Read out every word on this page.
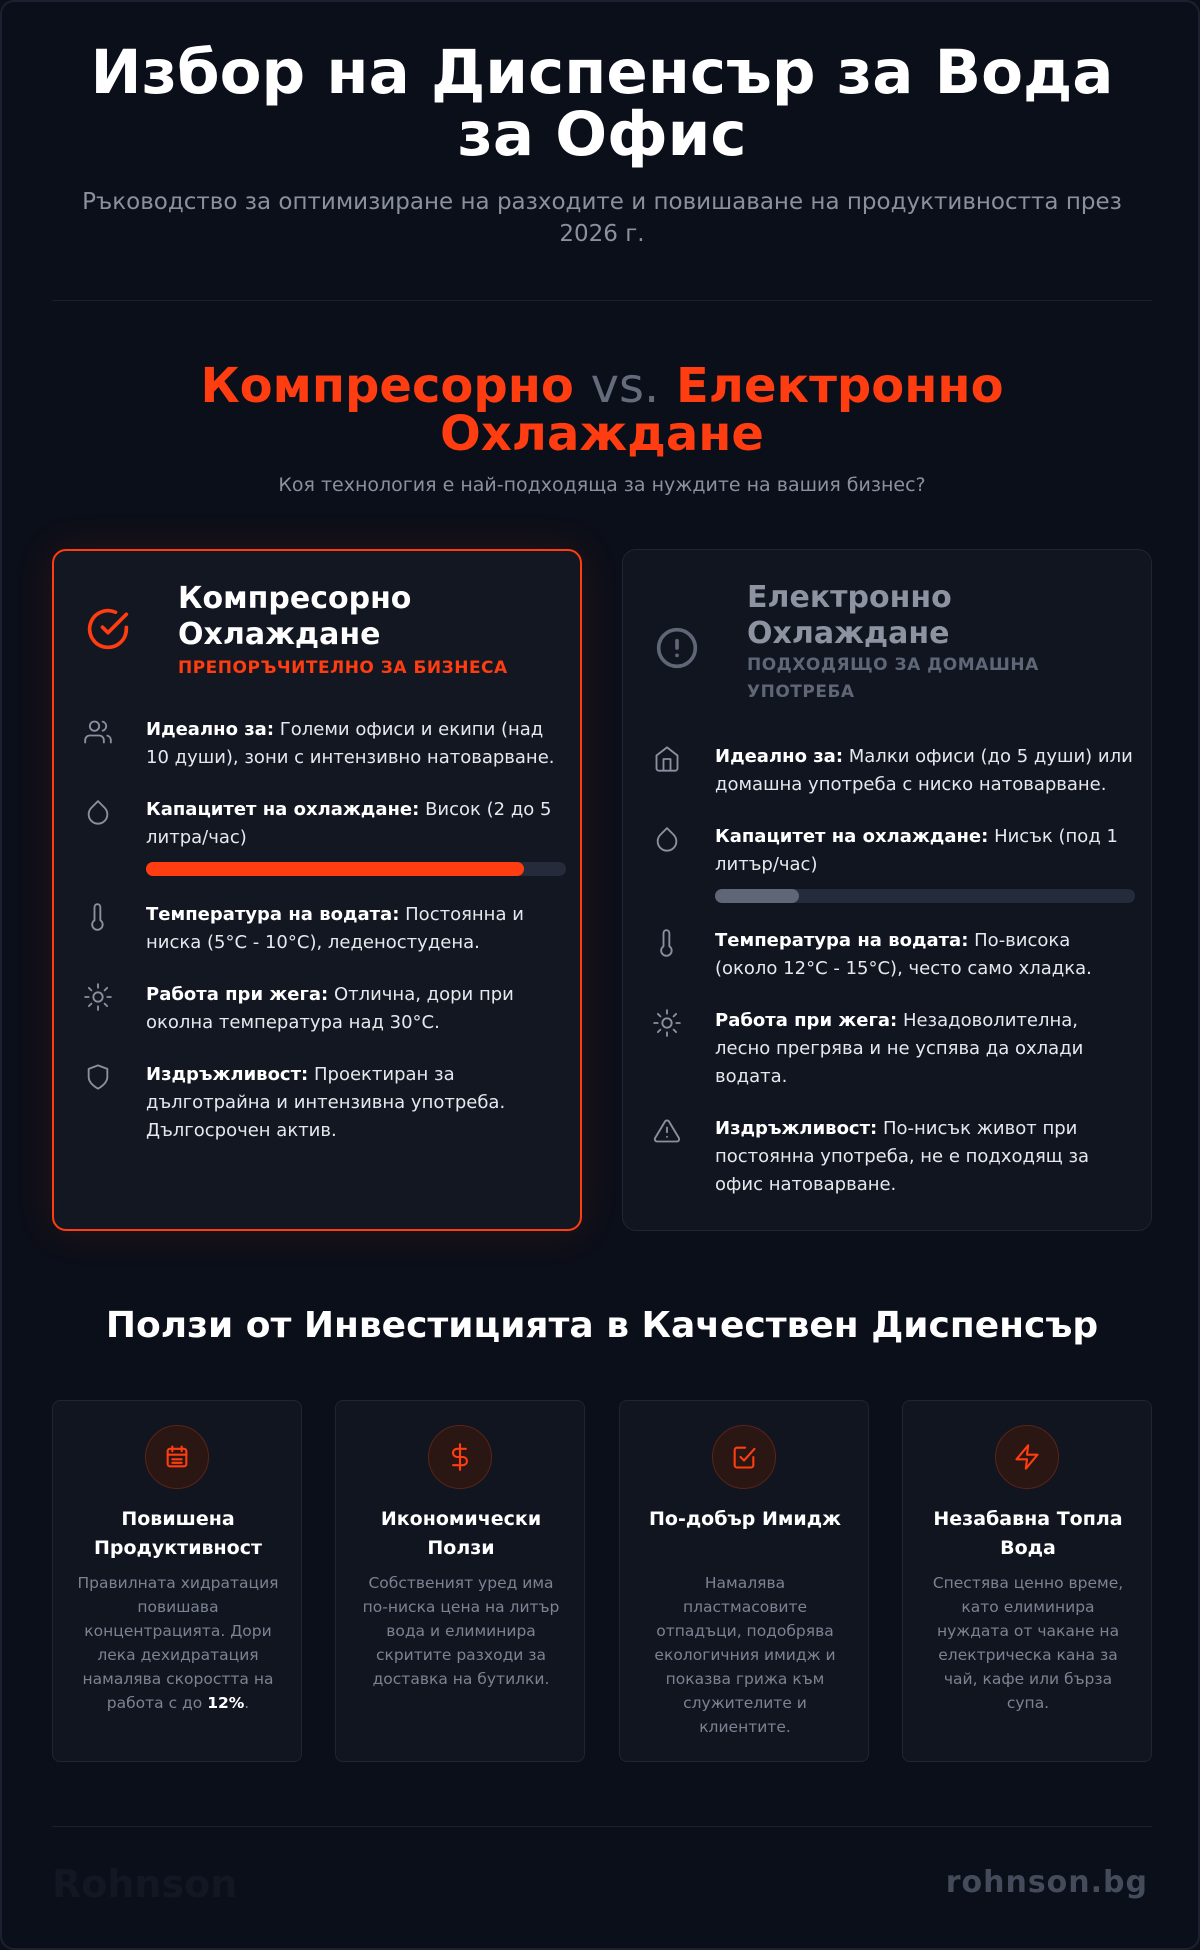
Избор на Диспенсър за Вода за Офис

Ръководство за оптимизиране на разходите и повишаване на продуктивността през 2026 г.

Компресорно vs. Електронно Охлаждане

Коя технология е най-подходяща за нуждите на вашия бизнес?

Компресорно Охлаждане
ПРЕПОРЪЧИТЕЛНО ЗА БИЗНЕСА
Идеално за: Големи офиси и екипи (над 10 души), зони с интензивно натоварване.
Капацитет на охлаждане: Висок (2 до 5 литра/час)
Температура на водата: Постоянна и ниска (5°C - 10°C), леденостудена.
Работа при жега: Отлична, дори при околна температура над 30°C.
Издръжливост: Проектиран за дълготрайна и интензивна употреба. Дългосрочен актив.
Електронно Охлаждане
ПОДХОДЯЩО ЗА ДОМАШНА УПОТРЕБА
Идеално за: Малки офиси (до 5 души) или домашна употреба с ниско натоварване.
Капацитет на охлаждане: Нисък (под 1 литър/час)
Температура на водата: По-висока (около 12°C - 15°C), често само хладка.
Работа при жега: Незадоволителна, лесно прегрява и не успява да охлади водата.
Издръжливост: По-нисък живот при постоянна употреба, не е подходящ за офис натоварване.
Ползи от Инвестицията в Качествен Диспенсър
Повишена Продуктивност
Правилната хидратация повишава концентрацията. Дори лека дехидратация намалява скоростта на работа с до 12%.
Икономически Ползи
Собственият уред има по-ниска цена на литър вода и елиминира скритите разходи за доставка на бутилки.
По-добър Имидж
Намалява пластмасовите отпадъци, подобрява екологичния имидж и показва грижа към служителите и клиентите.
Незабавна Топла Вода
Спестява ценно време, като елиминира нуждата от чакане на електрическа кана за чай, кафе или бърза супа.
Rohnson	rohnson.bg
